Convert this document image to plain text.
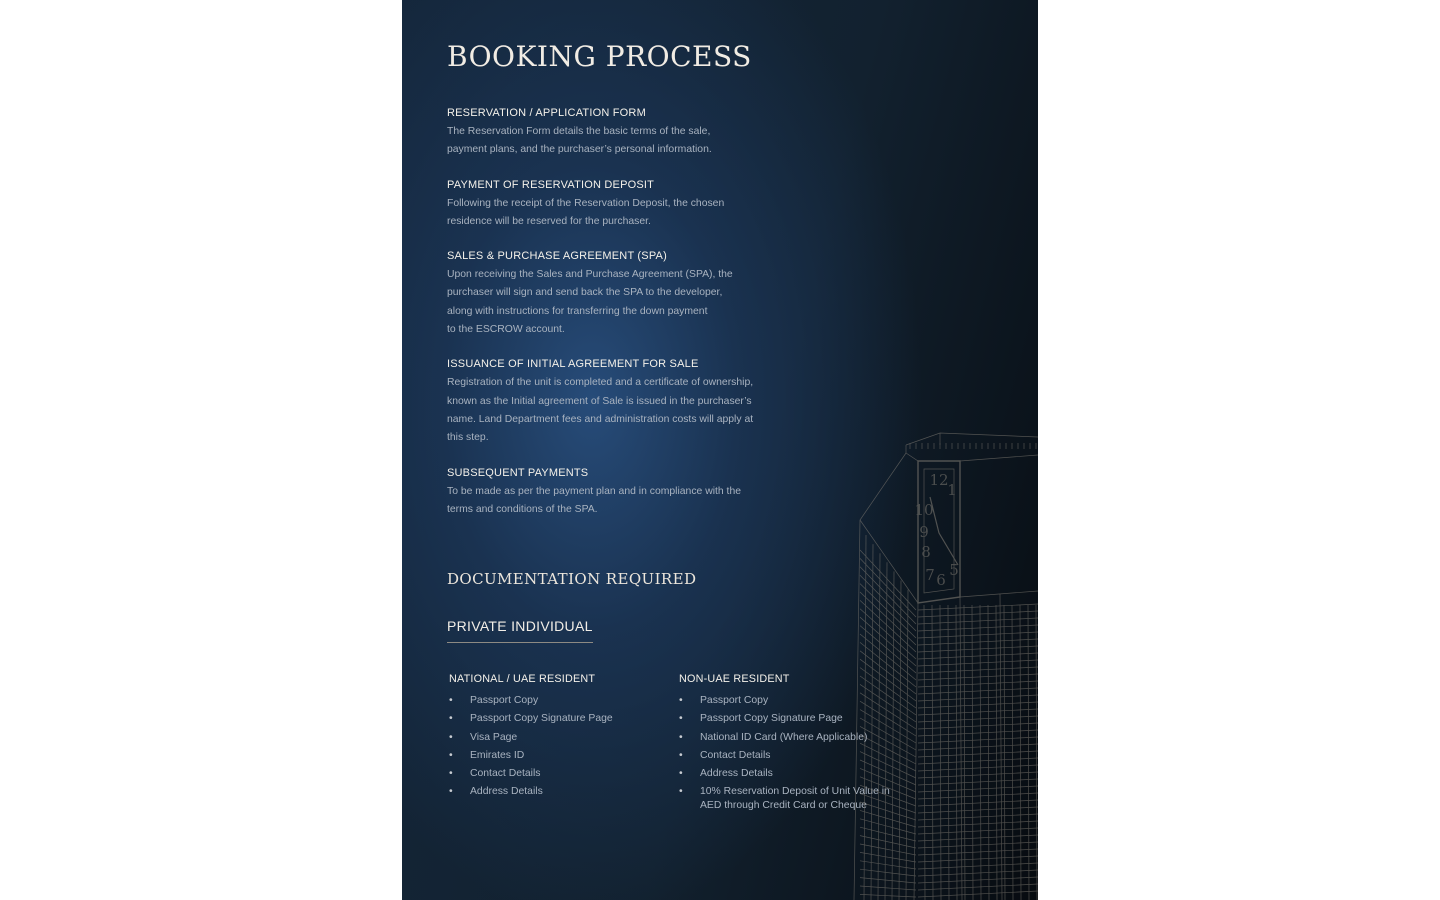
BOOKING PROCESS
RESERVATION / APPLICATION FORM
The Reservation Form details the basic terms of the sale,
payment plans, and the purchaser’s personal information.
PAYMENT OF RESERVATION DEPOSIT
Following the receipt of the Reservation Deposit, the chosen
residence will be reserved for the purchaser.
SALES & PURCHASE AGREEMENT (SPA)
Upon receiving the Sales and Purchase Agreement (SPA), the
purchaser will sign and send back the SPA to the developer,
along with instructions for transferring the down payment
to the ESCROW account.
ISSUANCE OF INITIAL AGREEMENT FOR SALE
Registration of the unit is completed and a certificate of ownership,
known as the Initial agreement of Sale is issued in the purchaser’s
name. Land Department fees and administration costs will apply at
this step.
SUBSEQUENT PAYMENTS
To be made as per the payment plan and in compliance with the
terms and conditions of the SPA.
DOCUMENTATION REQUIRED
PRIVATE INDIVIDUAL
NATIONAL / UAE RESIDENT
• Passport Copy
• Passport Copy Signature Page
• Visa Page
• Emirates ID
• Contact Details
• Address Details
NON-UAE RESIDENT
• Passport Copy
• Passport Copy Signature Page
• National ID Card (Where Applicable)
• Contact Details
• Address Details
• 10% Reservation Deposit of Unit Value in
AED through Credit Card or Cheque
12
1
10
9
8
7 6
5
